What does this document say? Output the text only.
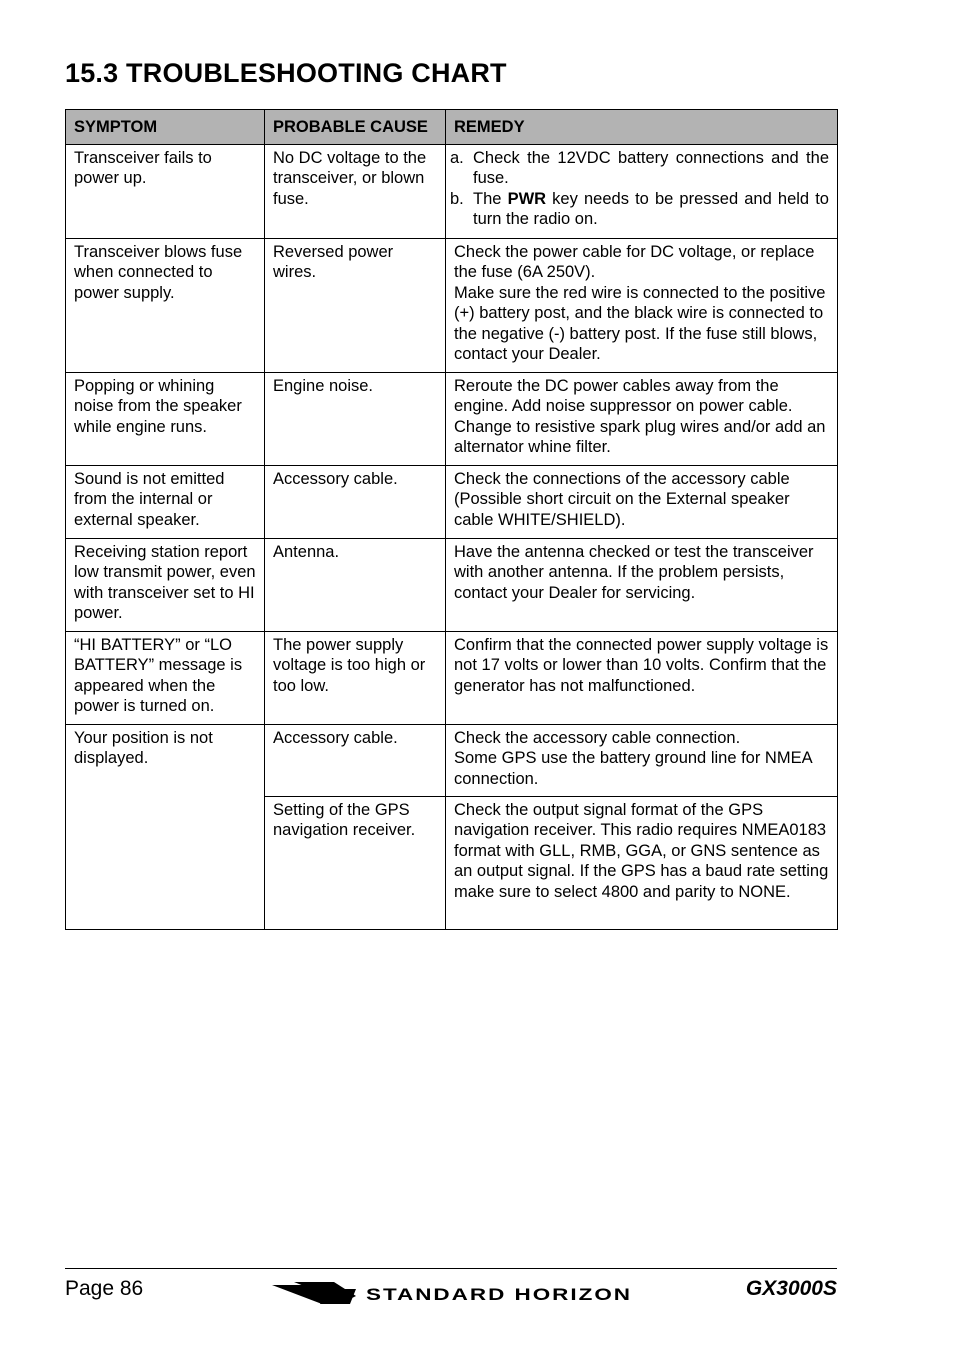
15.3 TROUBLESHOOTING CHART
SYMPTOM	PROBABLE CAUSE	REMEDY
Transceiver fails to power up.	No DC voltage to the transceiver, or blown fuse.	a. Check the 12VDC battery connections and the fuse.
b. The PWR key needs to be pressed and held to turn the radio on.

Transceiver blows fuse when connected to power supply.	Reversed power wires.	Check the power cable for DC voltage, or replace the fuse (6A 250V).
Make sure the red wire is connected to the positive (+) battery post, and the black wire is connected to the negative (-) battery post. If the fuse still blows, contact your Dealer.

Popping or whining noise from the speaker while engine runs.	Engine noise.	Reroute the DC power cables away from the engine. Add noise suppressor on power cable. Change to resistive spark plug wires and/or add an alternator whine filter.
Sound is not emitted from the internal or external speaker.	Accessory cable.	Check the connections of the accessory cable (Possible short circuit on the External speaker cable WHITE/SHIELD).
Receiving station report low transmit power, even with transceiver set to HI power.	Antenna.	Have the antenna checked or test the transceiver with another antenna. If the problem persists, contact your Dealer for servicing.
“HI BATTERY” or “LO BATTERY” message is appeared when the power is turned on.	The power supply voltage is too high or too low.	Confirm that the connected power supply voltage is not 17 volts or lower than 10 volts. Confirm that the generator has not malfunctioned.
Your position is not displayed.	Accessory cable.	Check the accessory cable connection.
Some GPS use the battery ground line for NMEA connection.

	Setting of the GPS navigation receiver.	Check the output signal format of the GPS navigation receiver. This radio requires NMEA0183 format with GLL, RMB, GGA, or GNS sentence as an output signal. If the GPS has a baud rate setting make sure to select 4800 and parity to NONE.
Page 86	STANDARD HORIZON	GX3000S
